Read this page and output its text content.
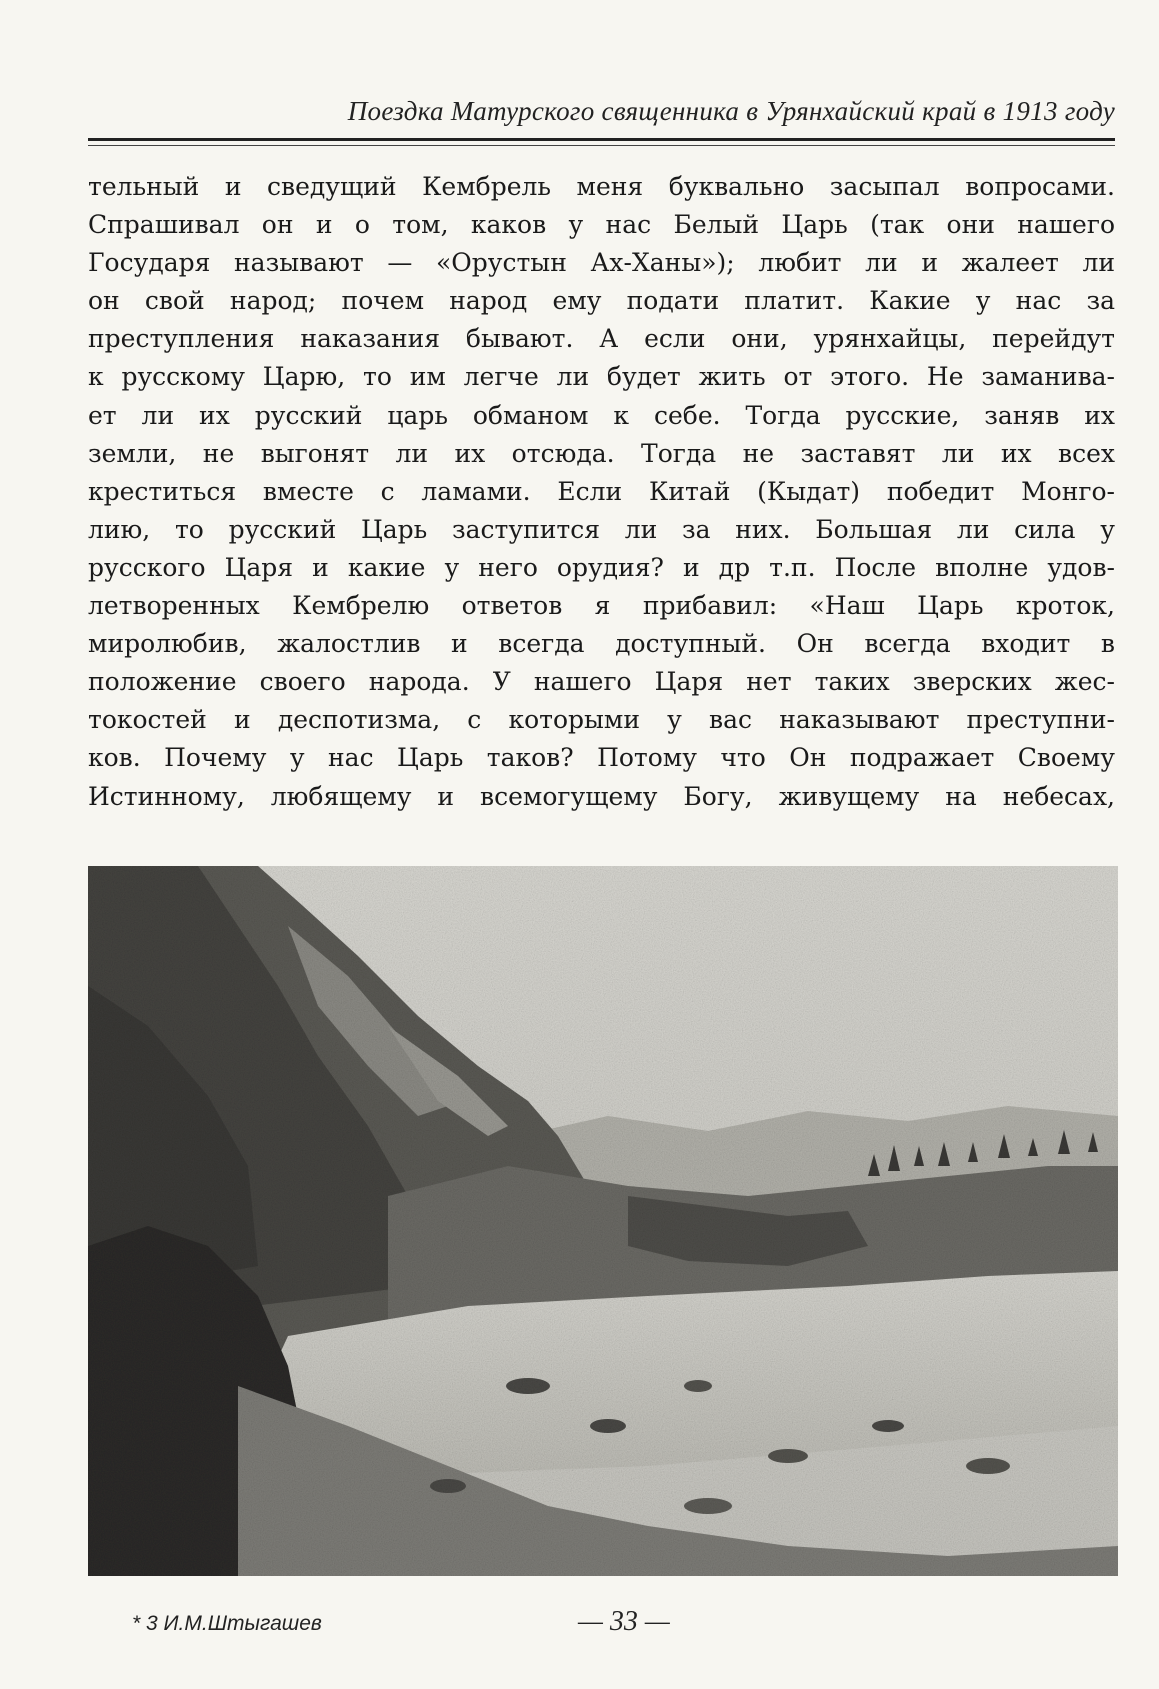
Поездка Матурского священника в Урянхайский край в 1913 году
тельный и сведущий Кембрель меня буквально засыпал вопросами.
Спрашивал он и о том, каков у нас Белый Царь (так они нашего
Государя называют — «Орустын Ах-Ханы»); любит ли и жалеет ли
он свой народ; почем народ ему подати платит. Какие у нас за
преступления наказания бывают. А если они, урянхайцы, перейдут
к русскому Царю, то им легче ли будет жить от этого. Не заманива-
ет ли их русский царь обманом к себе. Тогда русские, заняв их
земли, не выгонят ли их отсюда. Тогда не заставят ли их всех
креститься вместе с ламами. Если Китай (Кыдат) победит Монго-
лию, то русский Царь заступится ли за них. Большая ли сила у
русского Царя и какие у него орудия? и др т.п. После вполне удов-
летворенных Кембрелю ответов я прибавил: «Наш Царь кроток,
миролюбив, жалостлив и всегда доступный. Он всегда входит в
положение своего народа. У нашего Царя нет таких зверских жес-
токостей и деспотизма, с которыми у вас наказывают преступни-
ков. Почему у нас Царь таков? Потому что Он подражает Своему
Истинному, любящему и всемогущему Богу, живущему на небесах,
* 3 И.М.Штыгашев	— 33 —
